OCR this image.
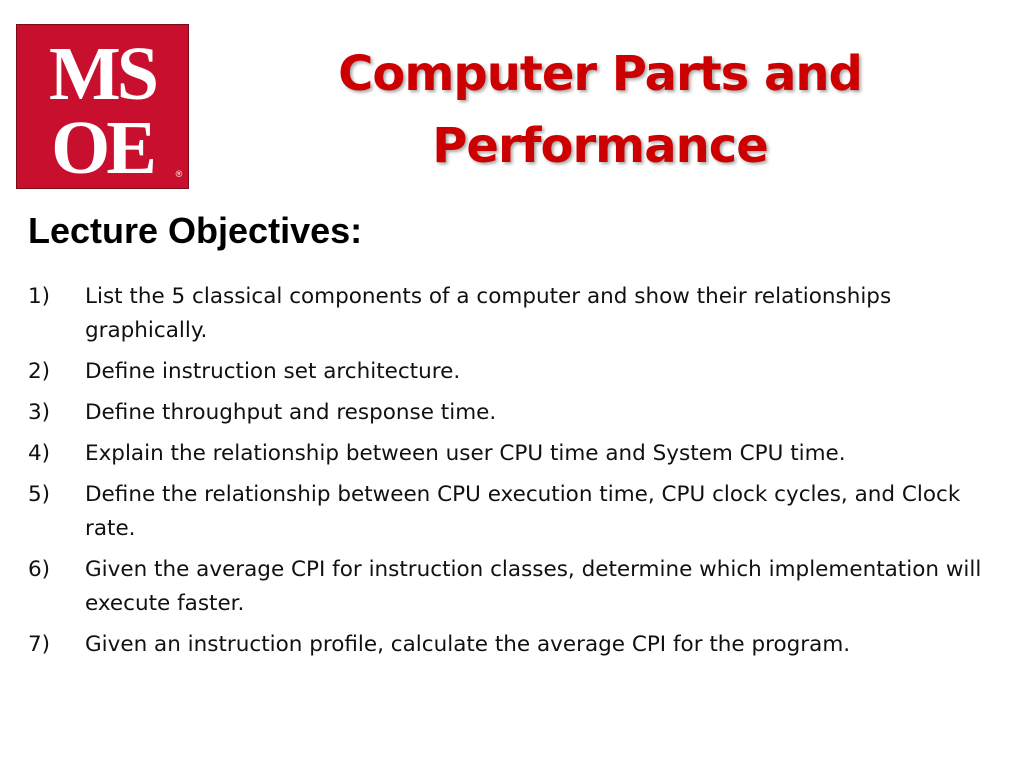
MS
OE	®
Computer Parts and
Performance
Lecture Objectives:
1)	List the 5 classical components of a computer and show their relationships graphically.
2)	Define instruction set architecture.
3)	Define throughput and response time.
4)	Explain the relationship between user CPU time and System CPU time.
5)	Define the relationship between CPU execution time, CPU clock cycles, and Clock rate.
6)	Given the average CPI for instruction classes, determine which implementation will execute faster.
7)	Given an instruction profile, calculate the average CPI for the program.
